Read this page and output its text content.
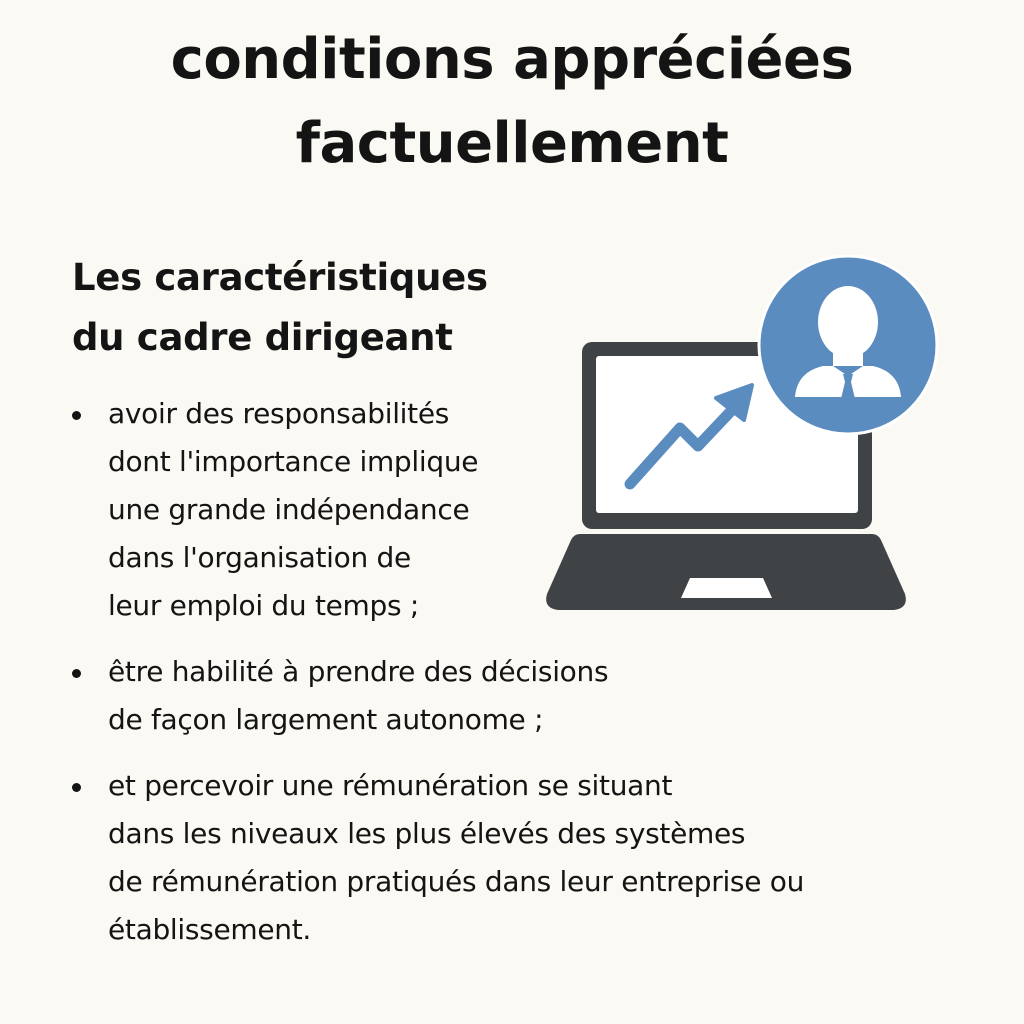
conditions appréciées
factuellement
Les caractéristiques
du cadre dirigeant
avoir des responsabilités
dont l'importance implique
une grande indépendance
dans l'organisation de
leur emploi du temps ;
être habilité à prendre des décisions
de façon largement autonome ;
et percevoir une rémunération se situant
dans les niveaux les plus élevés des systèmes
de rémunération pratiqués dans leur entreprise ou
établissement.
